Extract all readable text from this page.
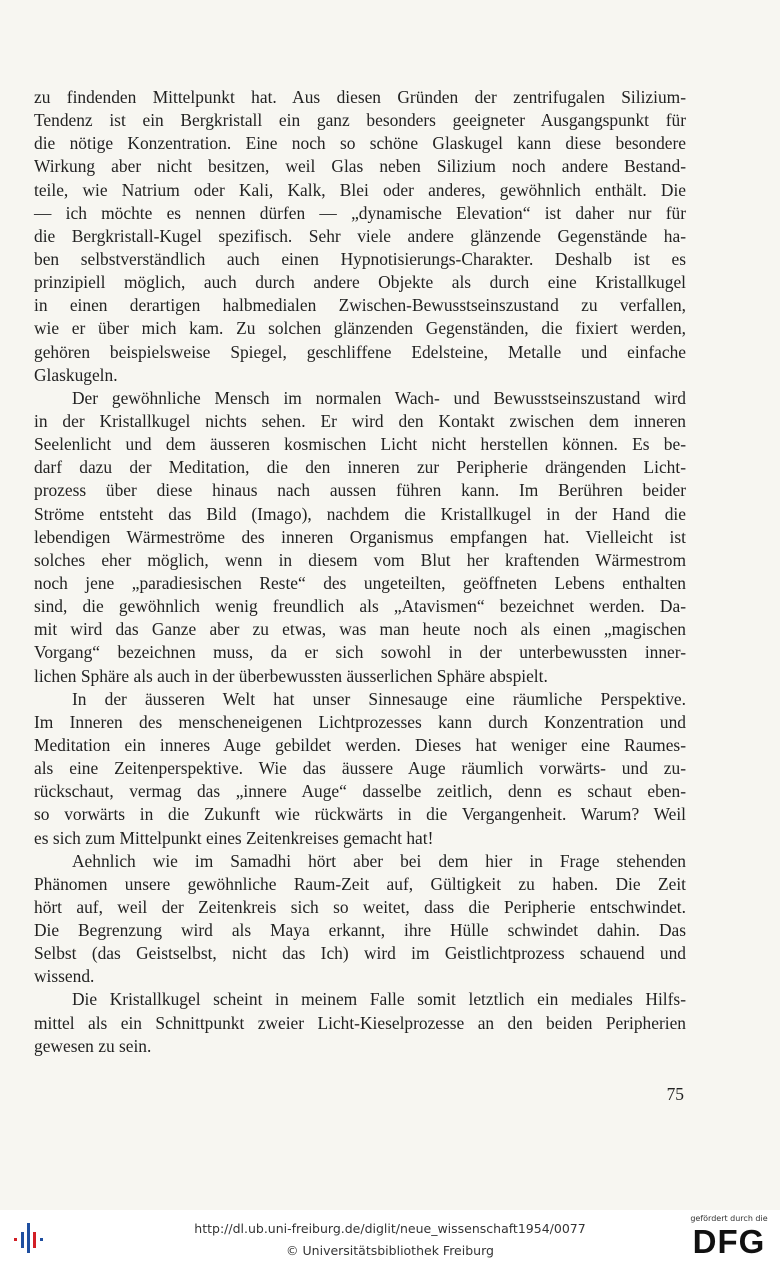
zu findenden Mittelpunkt hat. Aus diesen Gründen der zentrifugalen Silizium-
Tendenz ist ein Bergkristall ein ganz besonders geeigneter Ausgangspunkt für
die nötige Konzentration. Eine noch so schöne Glaskugel kann diese besondere
Wirkung aber nicht besitzen, weil Glas neben Silizium noch andere Bestand-
teile, wie Natrium oder Kali, Kalk, Blei oder anderes, gewöhnlich enthält. Die
— ich möchte es nennen dürfen — „dynamische Elevation“ ist daher nur für
die Bergkristall-Kugel spezifisch. Sehr viele andere glänzende Gegenstände ha-
ben selbstverständlich auch einen Hypnotisierungs-Charakter. Deshalb ist es
prinzipiell möglich, auch durch andere Objekte als durch eine Kristallkugel
in einen derartigen halbmedialen Zwischen-Bewusstseinszustand zu verfallen,
wie er über mich kam. Zu solchen glänzenden Gegenständen, die fixiert werden,
gehören beispielsweise Spiegel, geschliffene Edelsteine, Metalle und einfache
Glaskugeln.
Der gewöhnliche Mensch im normalen Wach- und Bewusstseinszustand wird
in der Kristallkugel nichts sehen. Er wird den Kontakt zwischen dem inneren
Seelenlicht und dem äusseren kosmischen Licht nicht herstellen können. Es be-
darf dazu der Meditation, die den inneren zur Peripherie drängenden Licht-
prozess über diese hinaus nach aussen führen kann. Im Berühren beider
Ströme entsteht das Bild (Imago), nachdem die Kristallkugel in der Hand die
lebendigen Wärmeströme des inneren Organismus empfangen hat. Vielleicht ist
solches eher möglich, wenn in diesem vom Blut her kraftenden Wärmestrom
noch jene „paradiesischen Reste“ des ungeteilten, geöffneten Lebens enthalten
sind, die gewöhnlich wenig freundlich als „Atavismen“ bezeichnet werden. Da-
mit wird das Ganze aber zu etwas, was man heute noch als einen „magischen
Vorgang“ bezeichnen muss, da er sich sowohl in der unterbewussten inner-
lichen Sphäre als auch in der überbewussten äusserlichen Sphäre abspielt.
In der äusseren Welt hat unser Sinnesauge eine räumliche Perspektive.
Im Inneren des menscheneigenen Lichtprozesses kann durch Konzentration und
Meditation ein inneres Auge gebildet werden. Dieses hat weniger eine Raumes-
als eine Zeitenperspektive. Wie das äussere Auge räumlich vorwärts- und zu-
rückschaut, vermag das „innere Auge“ dasselbe zeitlich, denn es schaut eben-
so vorwärts in die Zukunft wie rückwärts in die Vergangenheit. Warum? Weil
es sich zum Mittelpunkt eines Zeitenkreises gemacht hat!
Aehnlich wie im Samadhi hört aber bei dem hier in Frage stehenden
Phänomen unsere gewöhnliche Raum-Zeit auf, Gültigkeit zu haben. Die Zeit
hört auf, weil der Zeitenkreis sich so weitet, dass die Peripherie entschwindet.
Die Begrenzung wird als Maya erkannt, ihre Hülle schwindet dahin. Das
Selbst (das Geistselbst, nicht das Ich) wird im Geistlichtprozess schauend und
wissend.
Die Kristallkugel scheint in meinem Falle somit letztlich ein mediales Hilfs-
mittel als ein Schnittpunkt zweier Licht-Kieselprozesse an den beiden Peripherien
gewesen zu sein.
75
http://dl.ub.uni-freiburg.de/diglit/neue_wissenschaft1954/0077
© Universitätsbibliothek Freiburg
gefördert durch die
DFG
